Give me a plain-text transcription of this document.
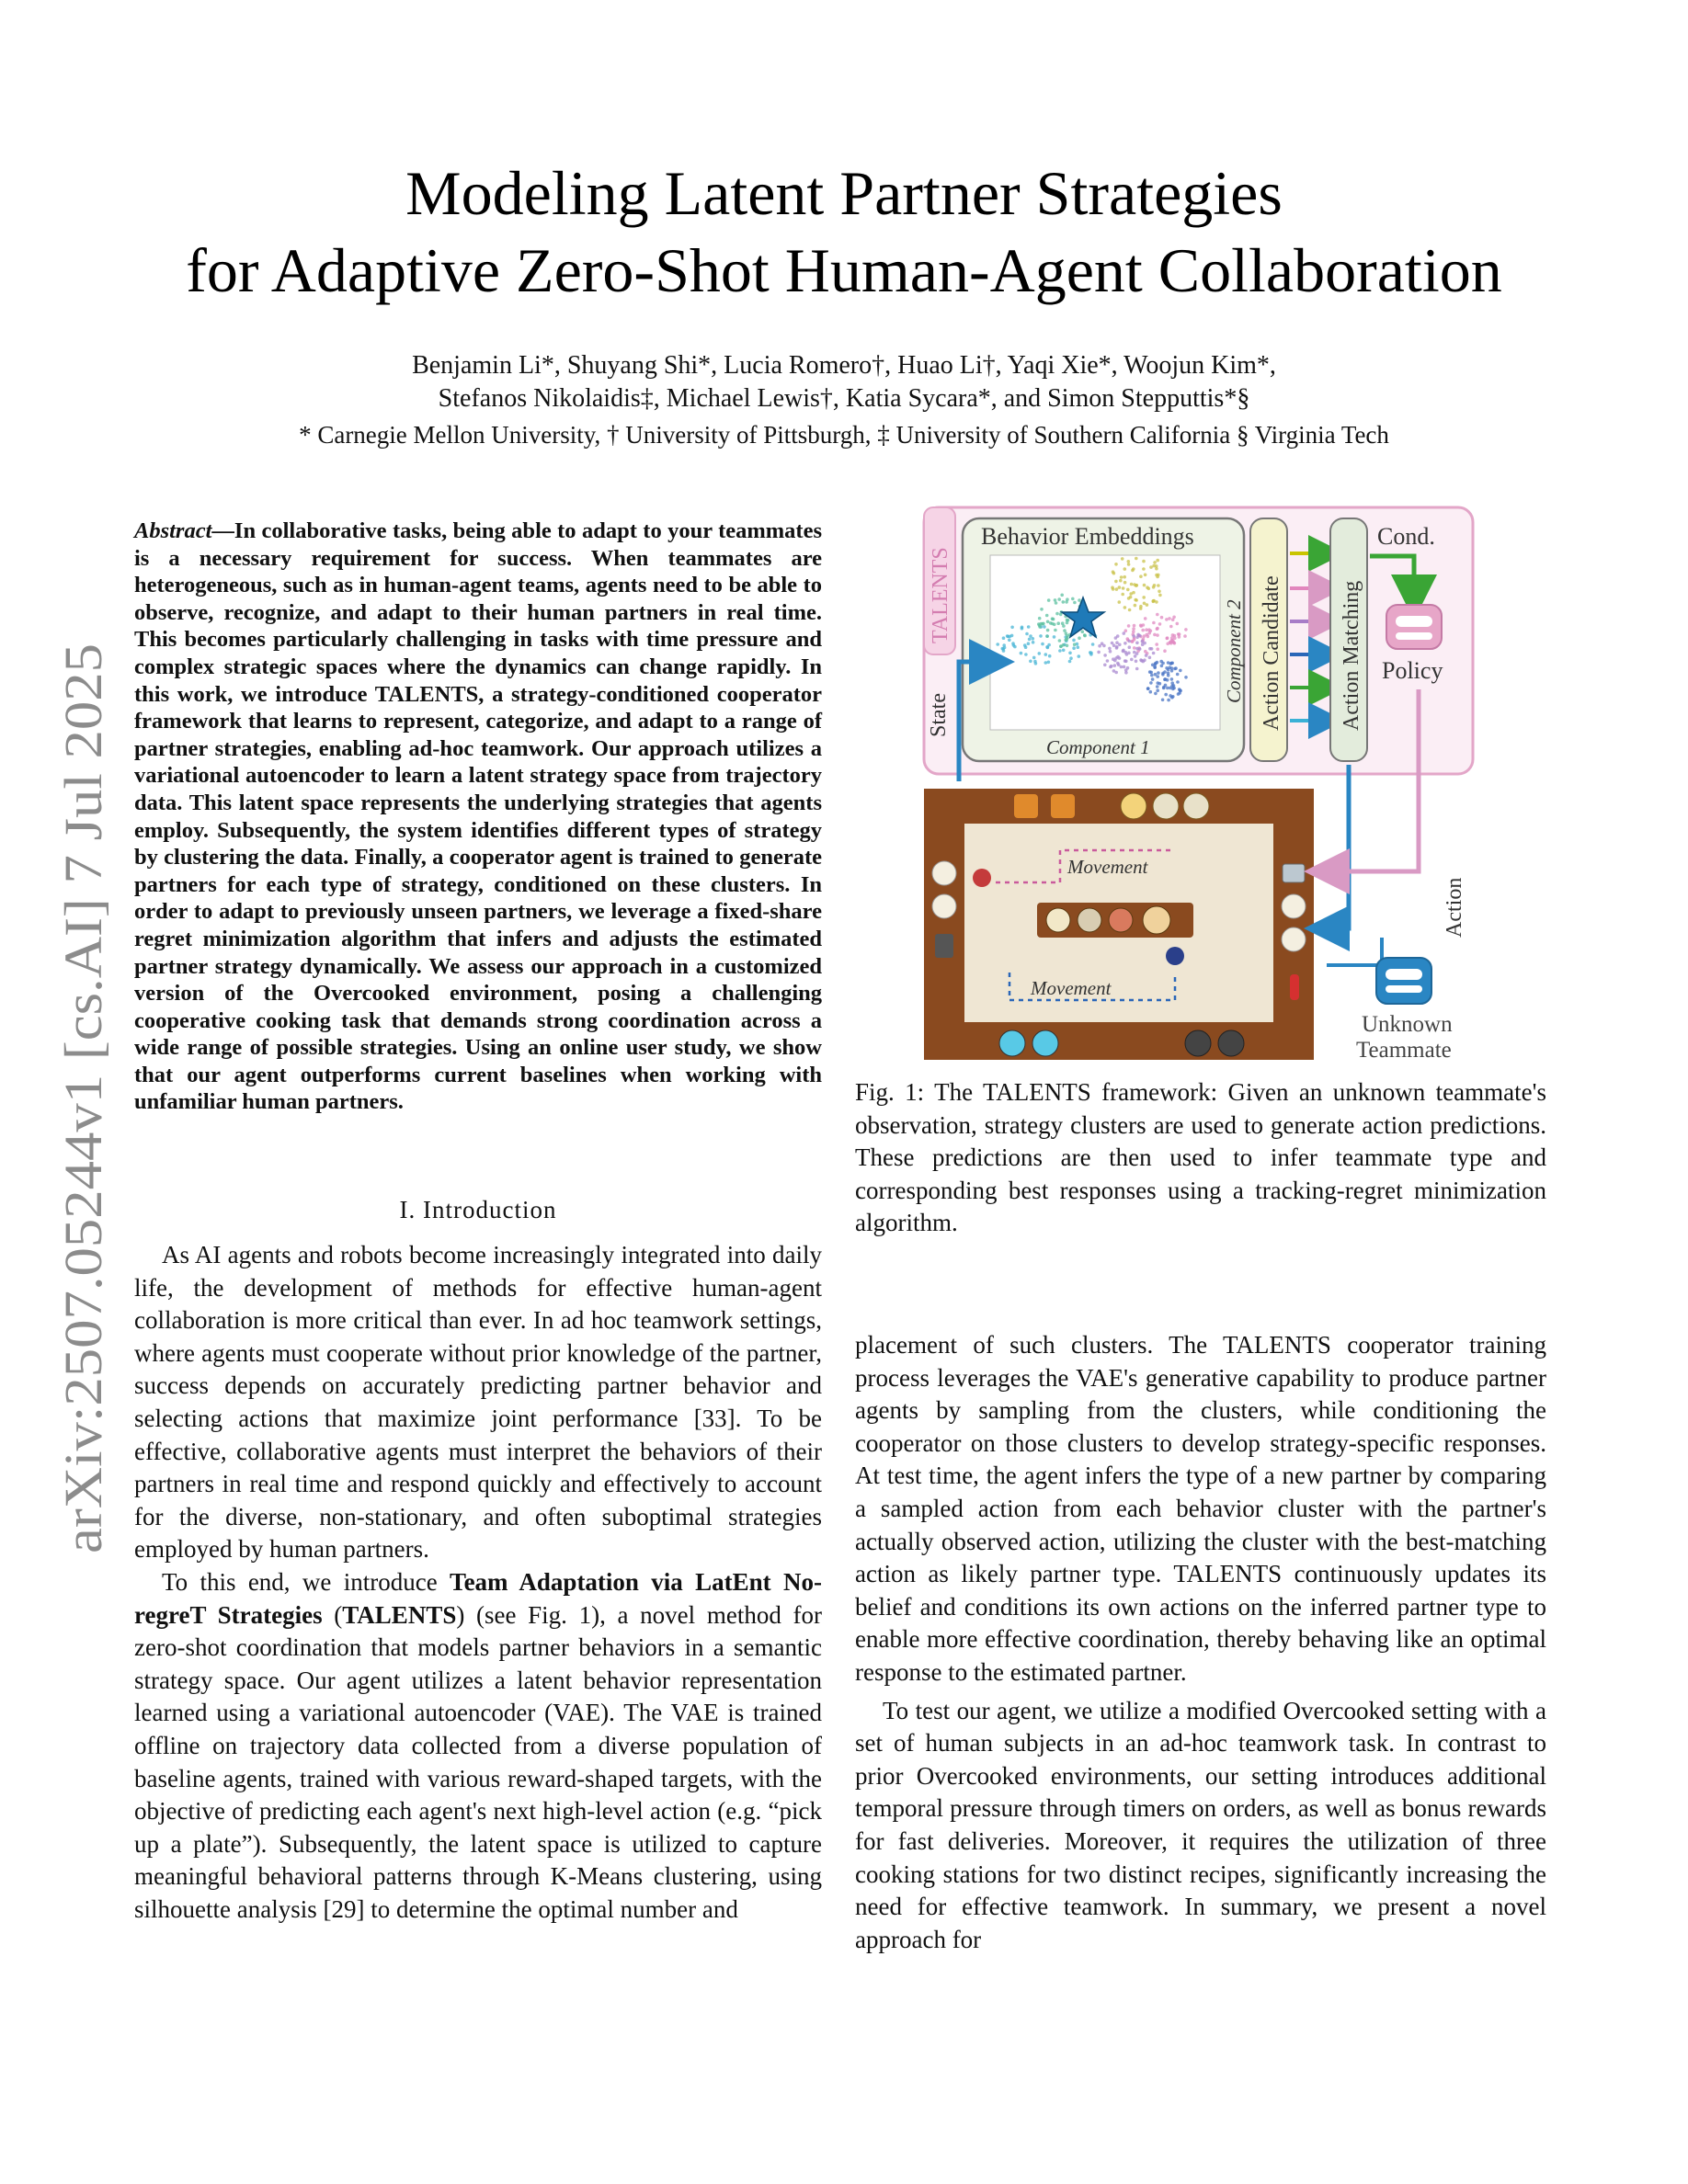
arXiv:2507.05244v1 [cs.AI] 7 Jul 2025
Modeling Latent Partner Strategies
for Adaptive Zero-Shot Human-Agent Collaboration
Benjamin Li*, Shuyang Shi*, Lucia Romero†, Huao Li†, Yaqi Xie*, Woojun Kim*,
Stefanos Nikolaidis‡, Michael Lewis†, Katia Sycara*, and Simon Stepputtis*§
* Carnegie Mellon University, † University of Pittsburgh, ‡ University of Southern California § Virginia Tech
Abstract—In collaborative tasks, being able to adapt to your teammates is a necessary requirement for success. When teammates are heterogeneous, such as in human-agent teams, agents need to be able to observe, recognize, and adapt to their human partners in real time. This becomes particularly challenging in tasks with time pressure and complex strategic spaces where the dynamics can change rapidly. In this work, we introduce TALENTS, a strategy-conditioned cooperator framework that learns to represent, categorize, and adapt to a range of partner strategies, enabling ad-hoc teamwork. Our approach utilizes a variational autoencoder to learn a latent strategy space from trajectory data. This latent space represents the underlying strategies that agents employ. Subsequently, the system identifies different types of strategy by clustering the data. Finally, a cooperator agent is trained to generate partners for each type of strategy, conditioned on these clusters. In order to adapt to previously unseen partners, we leverage a fixed-share regret minimization algorithm that infers and adjusts the estimated partner strategy dynamically. We assess our approach in a customized version of the Overcooked environment, posing a challenging cooperative cooking task that demands strong coordination across a wide range of possible strategies. Using an online user study, we show that our agent outperforms current baselines when working with unfamiliar human partners.
I. Introduction

As AI agents and robots become increasingly integrated into daily life, the development of methods for effective human-agent collaboration is more critical than ever. In ad hoc teamwork settings, where agents must cooperate without prior knowledge of the partner, success depends on accurately predicting partner behavior and selecting actions that maximize joint performance [33]. To be effective, collaborative agents must interpret the behaviors of their partners in real time and respond quickly and effectively to account for the diverse, non-stationary, and often suboptimal strategies employed by human partners.

To this end, we introduce Team Adaptation via LatEnt No-regreT Strategies (TALENTS) (see Fig. 1), a novel method for zero-shot coordination that models partner behaviors in a semantic strategy space. Our agent utilizes a latent behavior representation learned using a variational autoencoder (VAE). The VAE is trained offline on trajectory data collected from a diverse population of baseline agents, trained with various reward-shaped targets, with the objective of predicting each agent's next high-level action (e.g. “pick up a plate”). Subsequently, the latent space is utilized to capture meaningful behavioral patterns through K-Means clustering, using silhouette analysis [29] to determine the optimal number and

TALENTS
State
Behavior Embeddings
Component 1
Component 2 Action Candidate	Action Matching
Cond.
Policy
Movement
Movement
Action
Unknown
Teammate
Fig. 1: The TALENTS framework: Given an unknown teammate's observation, strategy clusters are used to generate action predictions. These predictions are then used to infer teammate type and corresponding best responses using a tracking-regret minimization algorithm.

placement of such clusters. The TALENTS cooperator training process leverages the VAE's generative capability to produce partner agents by sampling from the clusters, while conditioning the cooperator on those clusters to develop strategy-specific responses. At test time, the agent infers the type of a new partner by comparing a sampled action from each behavior cluster with the partner's actually observed action, utilizing the cluster with the best-matching action as likely partner type. TALENTS continuously updates its belief and conditions its own actions on the inferred partner type to enable more effective coordination, thereby behaving like an optimal response to the estimated partner.

To test our agent, we utilize a modified Overcooked setting with a set of human subjects in an ad-hoc teamwork task. In contrast to prior Overcooked environments, our setting introduces additional temporal pressure through timers on orders, as well as bonus rewards for fast deliveries. Moreover, it requires the utilization of three cooking stations for two distinct recipes, significantly increasing the need for effective teamwork. In summary, we present a novel approach for
